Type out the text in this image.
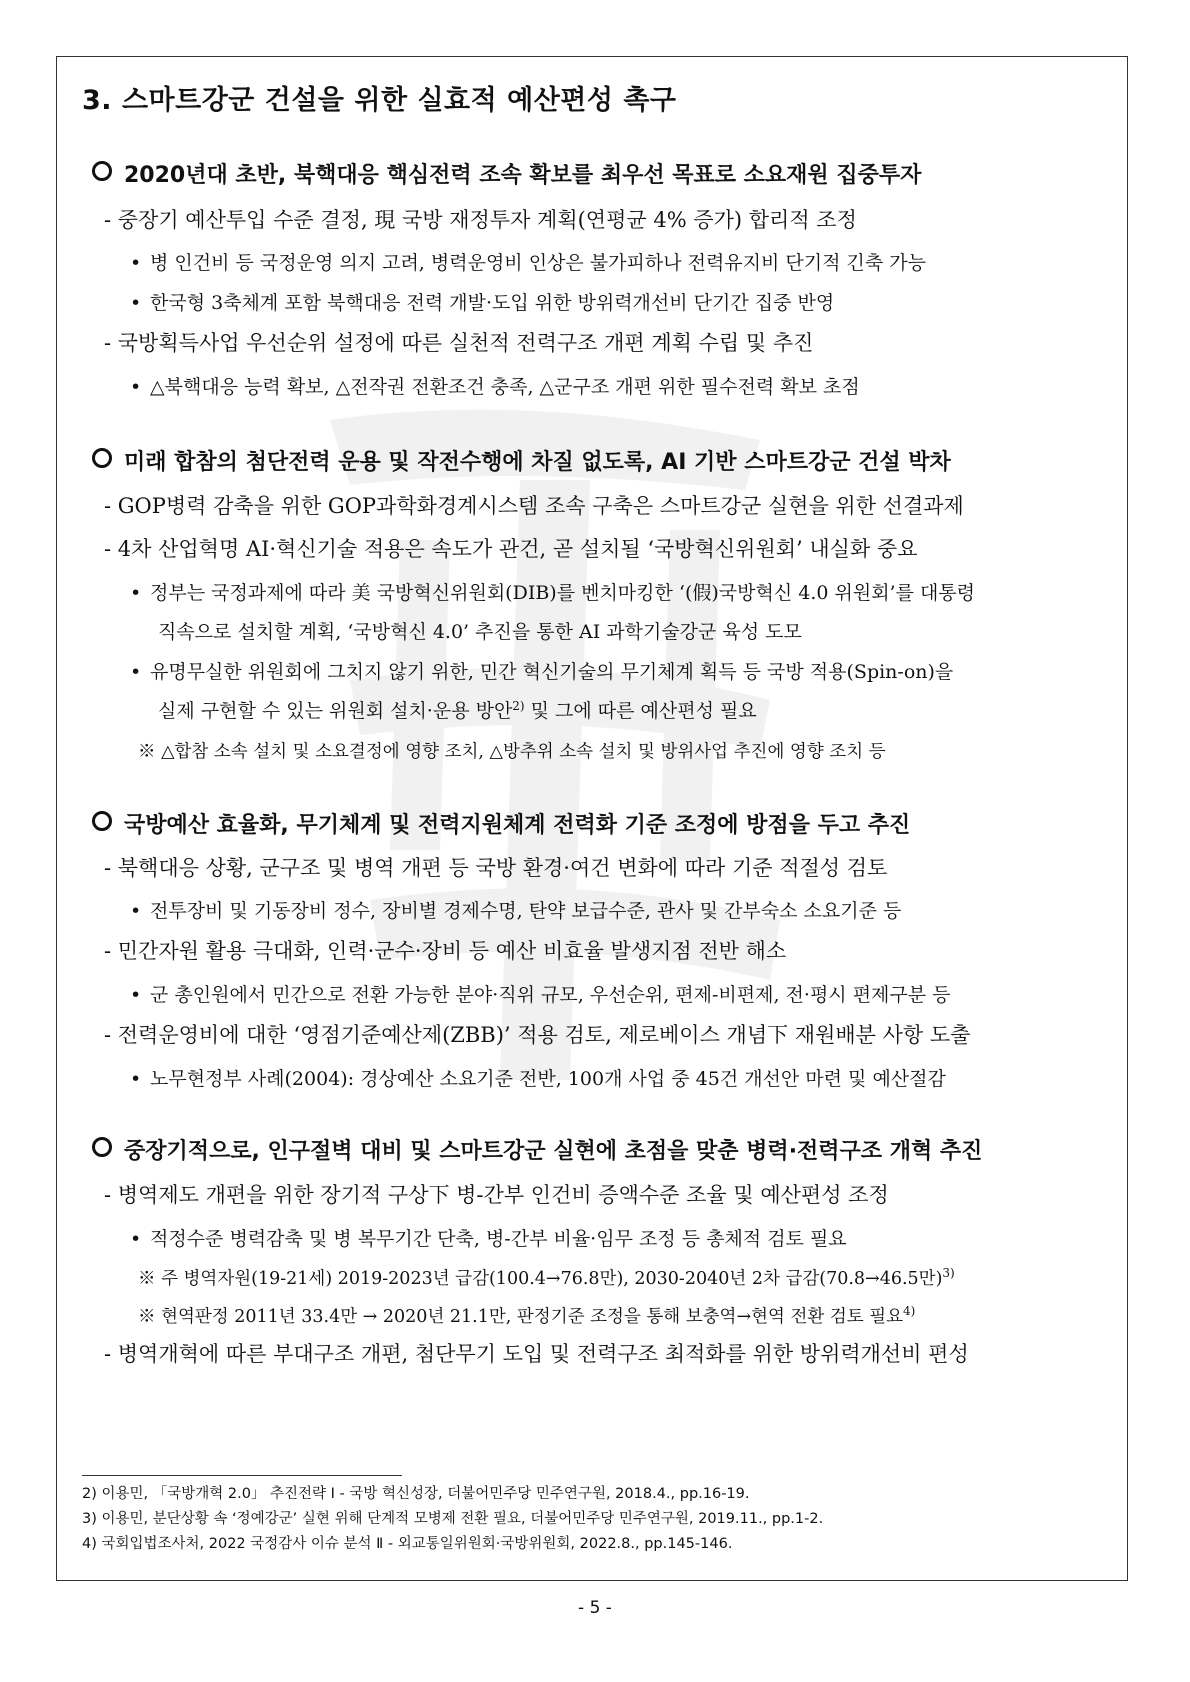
3. 스마트강군 건설을 위한 실효적 예산편성 촉구
2020년대 초반, 북핵대응 핵심전력 조속 확보를 최우선 목표로 소요재원 집중투자
- 중장기 예산투입 수준 결정, 現 국방 재정투자 계획(연평균 4% 증가) 합리적 조정
• 병 인건비 등 국정운영 의지 고려, 병력운영비 인상은 불가피하나 전력유지비 단기적 긴축 가능
• 한국형 3축체계 포함 북핵대응 전력 개발·도입 위한 방위력개선비 단기간 집중 반영
- 국방획득사업 우선순위 설정에 따른 실천적 전력구조 개편 계획 수립 및 추진
• △북핵대응 능력 확보, △전작권 전환조건 충족, △군구조 개편 위한 필수전력 확보 초점
미래 합참의 첨단전력 운용 및 작전수행에 차질 없도록, AI 기반 스마트강군 건설 박차
- GOP병력 감축을 위한 GOP과학화경계시스템 조속 구축은 스마트강군 실현을 위한 선결과제
- 4차 산업혁명 AI·혁신기술 적용은 속도가 관건, 곧 설치될 ‘국방혁신위원회’ 내실화 중요
• 정부는 국정과제에 따라 美 국방혁신위원회(DIB)를 벤치마킹한 ‘(假)국방혁신 4.0 위원회’를 대통령
직속으로 설치할 계획, ‘국방혁신 4.0’ 추진을 통한 AI 과학기술강군 육성 도모
• 유명무실한 위원회에 그치지 않기 위한, 민간 혁신기술의 무기체계 획득 등 국방 적용(Spin-on)을
실제 구현할 수 있는 위원회 설치·운용 방안$^{2)}$ 및 그에 따른 예산편성 필요
※ △합참 소속 설치 및 소요결정에 영향 조치, △방추위 소속 설치 및 방위사업 추진에 영향 조치 등
국방예산 효율화, 무기체계 및 전력지원체계 전력화 기준 조정에 방점을 두고 추진
- 북핵대응 상황, 군구조 및 병역 개편 등 국방 환경·여건 변화에 따라 기준 적절성 검토
• 전투장비 및 기동장비 정수, 장비별 경제수명, 탄약 보급수준, 관사 및 간부숙소 소요기준 등
- 민간자원 활용 극대화, 인력·군수·장비 등 예산 비효율 발생지점 전반 해소
• 군 총인원에서 민간으로 전환 가능한 분야·직위 규모, 우선순위, 편제-비편제, 전·평시 편제구분 등
- 전력운영비에 대한 ‘영점기준예산제(ZBB)’ 적용 검토, 제로베이스 개념下 재원배분 사항 도출
• 노무현정부 사례(2004): 경상예산 소요기준 전반, 100개 사업 중 45건 개선안 마련 및 예산절감
중장기적으로, 인구절벽 대비 및 스마트강군 실현에 초점을 맞춘 병력·전력구조 개혁 추진
- 병역제도 개편을 위한 장기적 구상下 병-간부 인건비 증액수준 조율 및 예산편성 조정
• 적정수준 병력감축 및 병 복무기간 단축, 병-간부 비율·임무 조정 등 총체적 검토 필요
※ 주 병역자원(19-21세) 2019-2023년 급감(100.4→76.8만), 2030-2040년 2차 급감(70.8→46.5만)$^{3)}$
※ 현역판정 2011년 33.4만 → 2020년 21.1만, 판정기준 조정을 통해 보충역→현역 전환 검토 필요$^{4)}$
- 병역개혁에 따른 부대구조 개편, 첨단무기 도입 및 전력구조 최적화를 위한 방위력개선비 편성
2) 이용민, 「국방개혁 2.0」 추진전략 Ⅰ - 국방 혁신성장, 더불어민주당 민주연구원, 2018.4., pp.16-19.
3) 이용민, 분단상황 속 ‘정예강군’ 실현 위해 단계적 모병제 전환 필요, 더불어민주당 민주연구원, 2019.11., pp.1-2.
4) 국회입법조사처, 2022 국정감사 이슈 분석 Ⅱ - 외교통일위원회·국방위원회, 2022.8., pp.145-146.
- 5 -
